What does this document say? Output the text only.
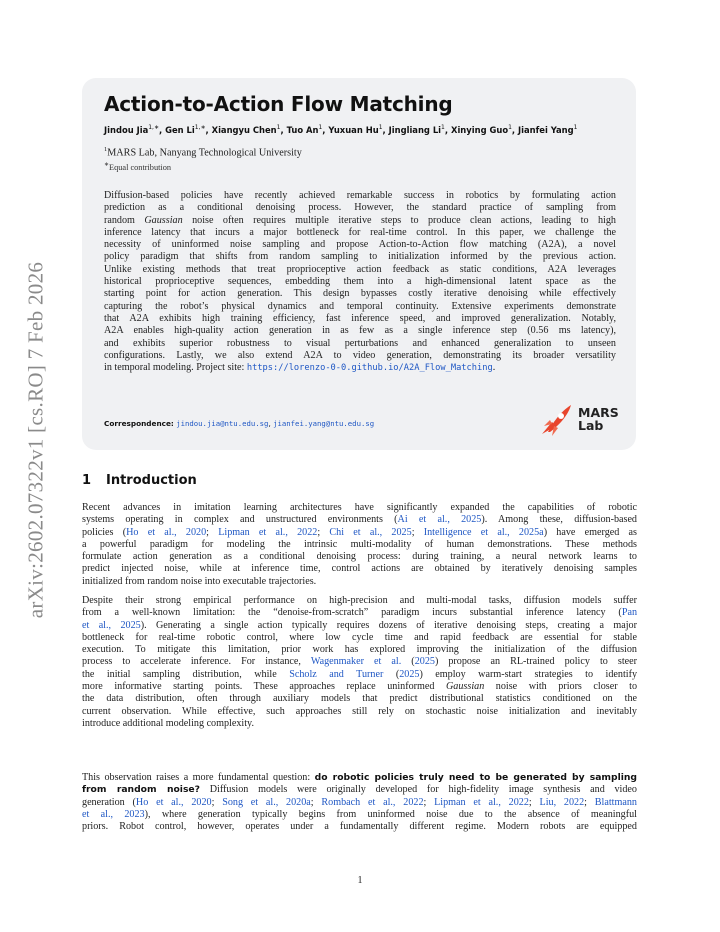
arXiv:2602.07322v1 [cs.RO] 7 Feb 2026
Action-to-Action Flow Matching
Jindou Jia$^{1,∗}$, Gen $Li^{1,∗}$, Xiangyu Chen$^1$, Tuo An$^1$, Yuxuan Hu$^1$, Jingliang Li$^1$, Xinying Guo$^1$, Jianfei Yang$^1$
$^1$MARS Lab, Nanyang Technological University
∗Equal contribution
Diffusion-based policies have recently achieved remarkable success in robotics by formulating action
prediction as a conditional denoising process. However, the standard practice of sampling from
random Gaussian noise often requires multiple iterative steps to produce clean actions, leading to high
inference latency that incurs a major bottleneck for real-time control. In this paper, we challenge the
necessity of uninformed noise sampling and propose Action-to-Action flow matching (A2A), a novel
policy paradigm that shifts from random sampling to initialization informed by the previous action.
Unlike existing methods that treat proprioceptive action feedback as static conditions, A2A leverages
historical proprioceptive sequences, embedding them into a high-dimensional latent space as the
starting point for action generation. This design bypasses costly iterative denoising while effectively
capturing the robot’s physical dynamics and temporal continuity. Extensive experiments demonstrate
that A2A exhibits high training efficiency, fast inference speed, and improved generalization. Notably,
A2A enables high-quality action generation in as few as a single inference step (0.56 ms latency),
and exhibits superior robustness to visual perturbations and enhanced generalization to unseen
configurations. Lastly, we also extend A2A to video generation, demonstrating its broader versatility
in temporal modeling. Project site: https://lorenzo-0-0.github.io/A2A_Flow_Matching.
Correspondence: jindou.jia@ntu.edu.sg, jianfei.yang@ntu.edu.sg
MARS
Lab
1 Introduction
Recent advances in imitation learning architectures have significantly expanded the capabilities of robotic
systems operating in complex and unstructured environments (Ai et al., 2025). Among these, diffusion-based
policies (Ho et al., 2020; Lipman et al., 2022; Chi et al., 2025; Intelligence et al., 2025a) have emerged as
a powerful paradigm for modeling the intrinsic multi-modality of human demonstrations. These methods
formulate action generation as a conditional denoising process: during training, a neural network learns to
predict injected noise, while at inference time, control actions are obtained by iteratively denoising samples
initialized from random noise into executable trajectories.
Despite their strong empirical performance on high-precision and multi-modal tasks, diffusion models suffer
from a well-known limitation: the “denoise-from-scratch” paradigm incurs substantial inference latency (Pan
et al., 2025). Generating a single action typically requires dozens of iterative denoising steps, creating a major
bottleneck for real-time robotic control, where low cycle time and rapid feedback are essential for stable
execution. To mitigate this limitation, prior work has explored improving the initialization of the diffusion
process to accelerate inference. For instance, Wagenmaker et al. (2025) propose an RL-trained policy to steer
the initial sampling distribution, while Scholz and Turner (2025) employ warm-start strategies to identify
more informative starting points. These approaches replace uninformed Gaussian noise with priors closer to
the data distribution, often through auxiliary models that predict distributional statistics conditioned on the
current observation. While effective, such approaches still rely on stochastic noise initialization and inevitably
introduce additional modeling complexity.
This observation raises a more fundamental question: do robotic policies truly need to be generated by sampling
from random noise? Diffusion models were originally developed for high-fidelity image synthesis and video
generation (Ho et al., 2020; Song et al., 2020a; Rombach et al., 2022; Lipman et al., 2022; Liu, 2022; Blattmann
et al., 2023), where generation typically begins from uninformed noise due to the absence of meaningful
priors. Robot control, however, operates under a fundamentally different regime. Modern robots are equipped
1
